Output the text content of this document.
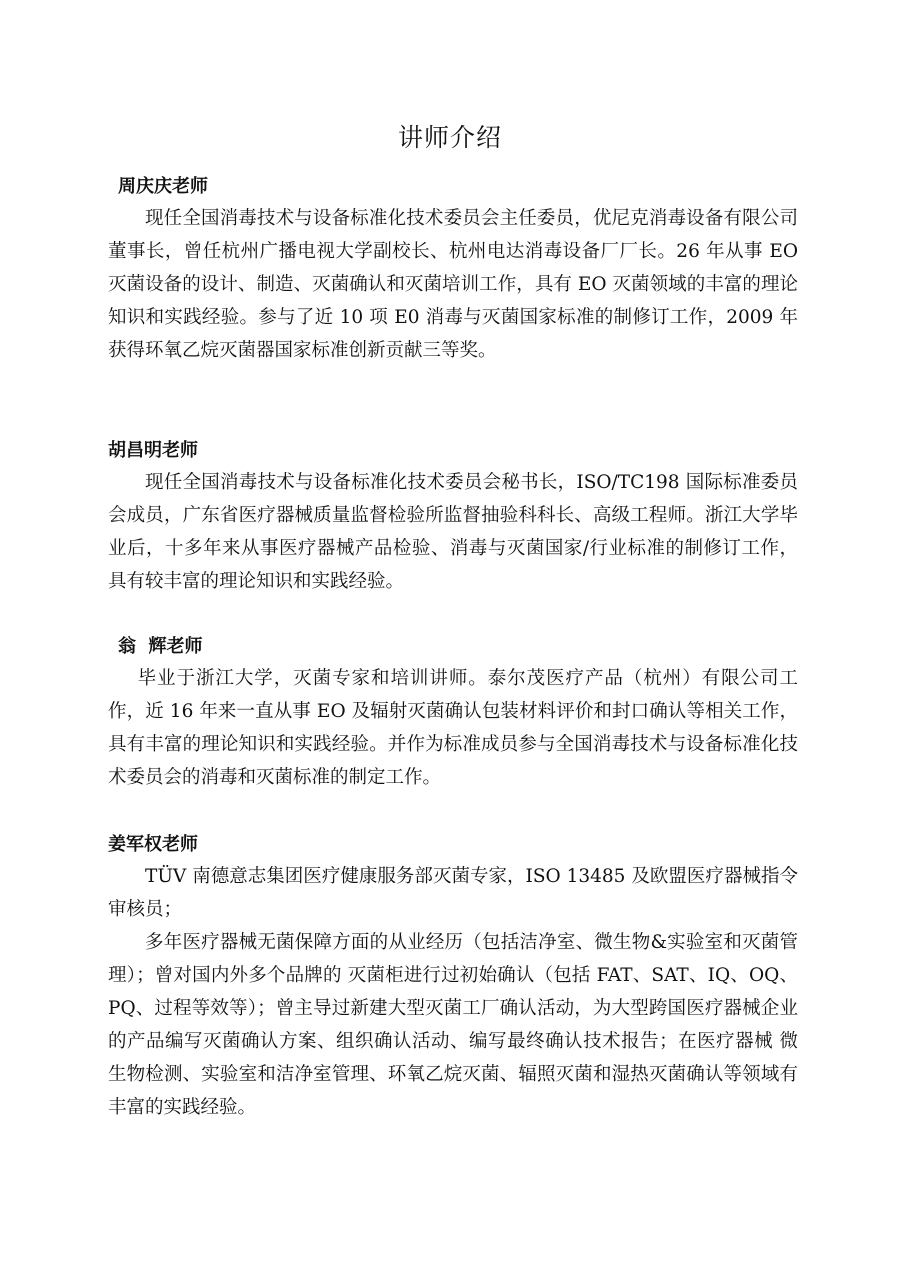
讲师介绍

周庆庆老师

现任全国消毒技术与设备标准化技术委员会主任委员，优尼克消毒设备有限公司董事长，曾任杭州广播电视大学副校长、杭州电达消毒设备厂厂长。26 年从事 EO 灭菌设备的设计、制造、灭菌确认和灭菌培训工作，具有 EO 灭菌领域的丰富的理论知识和实践经验。参与了近 10 项 E0 消毒与灭菌国家标准的制修订工作，2009 年获得环氧乙烷灭菌器国家标准创新贡献三等奖。

胡昌明老师

现任全国消毒技术与设备标准化技术委员会秘书长，ISO/TC198 国际标准委员会成员，广东省医疗器械质量监督检验所监督抽验科科长、高级工程师。浙江大学毕业后，十多年来从事医疗器械产品检验、消毒与灭菌国家/行业标准的制修订工作，具有较丰富的理论知识和实践经验。

翁  辉老师

毕业于浙江大学，灭菌专家和培训讲师。泰尔茂医疗产品（杭州）有限公司工作，近 16 年来一直从事 EO 及辐射灭菌确认包装材料评价和封口确认等相关工作，具有丰富的理论知识和实践经验。并作为标准成员参与全国消毒技术与设备标准化技术委员会的消毒和灭菌标准的制定工作。

姜军权老师

TÜV 南德意志集团医疗健康服务部灭菌专家，ISO 13485 及欧盟医疗器械指令审核员；

多年医疗器械无菌保障方面的从业经历（包括洁净室、微生物&实验室和灭菌管理）；曾对国内外多个品牌的 灭菌柜进行过初始确认（包括 FAT、SAT、IQ、OQ、PQ、过程等效等）；曾主导过新建大型灭菌工厂确认活动，为大型跨国医疗器械企业的产品编写灭菌确认方案、组织确认活动、编写最终确认技术报告；在医疗器械 微生物检测、实验室和洁净室管理、环氧乙烷灭菌、辐照灭菌和湿热灭菌确认等领域有丰富的实践经验。
